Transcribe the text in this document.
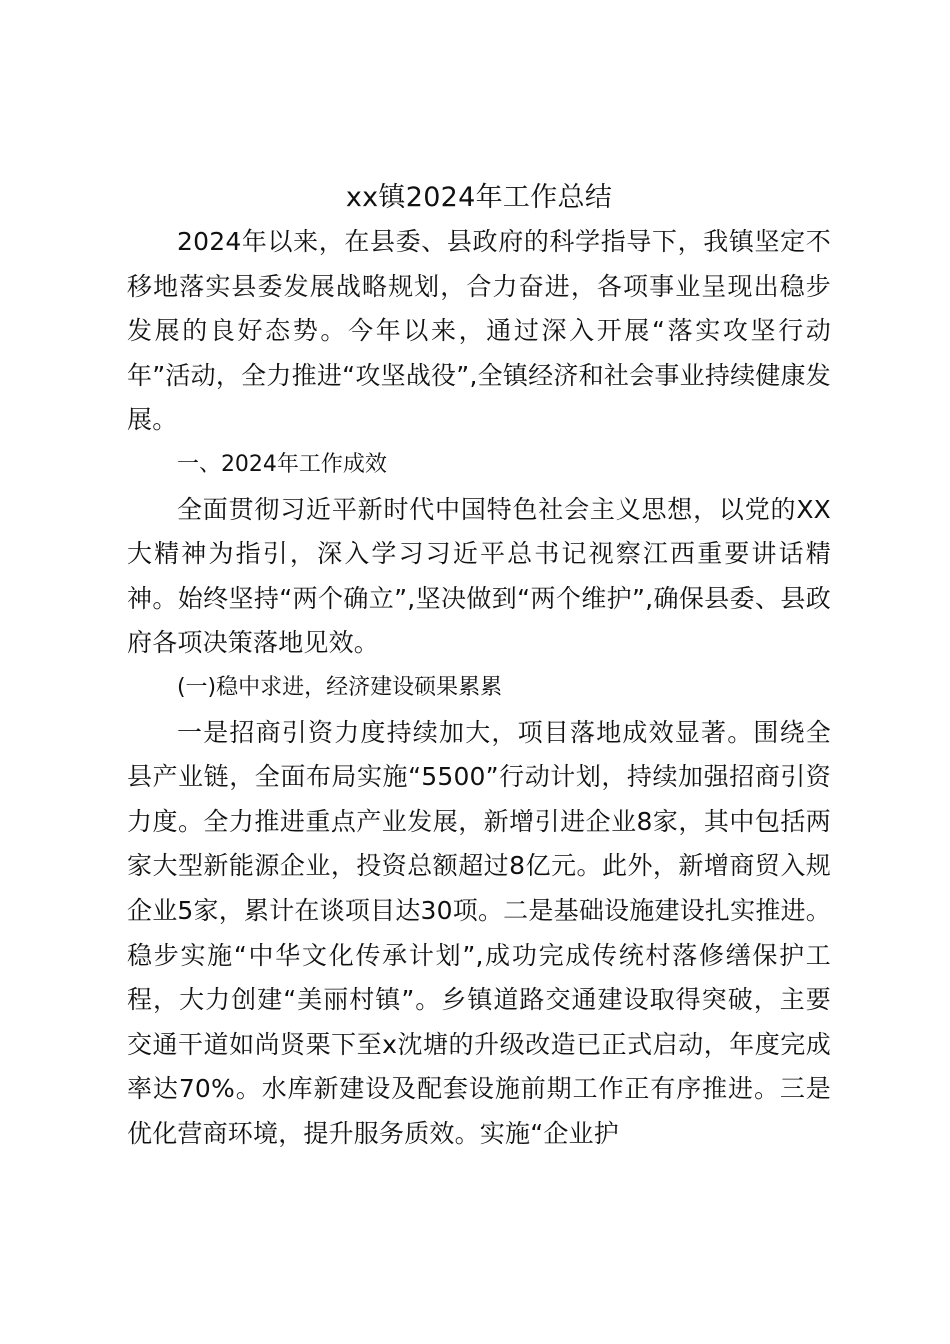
xx镇2024年工作总结

2024年以来，在县委、县政府的科学指导下，我镇坚定不移地落实县委发展战略规划，合力奋进，各项事业呈现出稳步发展的良好态势。今年以来，通过深入开展“落实攻坚行动年”活动，全力推进“攻坚战役”,全镇经济和社会事业持续健康发展。

一、2024年工作成效

全面贯彻习近平新时代中国特色社会主义思想，以党的XX大精神为指引，深入学习习近平总书记视察江西重要讲话精神。始终坚持“两个确立”,坚决做到“两个维护”,确保县委、县政府各项决策落地见效。

(一)稳中求进，经济建设硕果累累

一是招商引资力度持续加大，项目落地成效显著。围绕全县产业链，全面布局实施“5500”行动计划，持续加强招商引资力度。全力推进重点产业发展，新增引进企业8家，其中包括两家大型新能源企业，投资总额超过8亿元。此外，新增商贸入规企业5家，累计在谈项目达30项。二是基础设施建设扎实推进。稳步实施“中华文化传承计划”,成功完成传统村落修缮保护工程，大力创建“美丽村镇”。乡镇道路交通建设取得突破，主要交通干道如尚贤栗下至x沈塘的升级改造已正式启动，年度完成率达70%。水库新建设及配套设施前期工作正有序推进。三是优化营商环境，提升服务质效。实施“企业护
